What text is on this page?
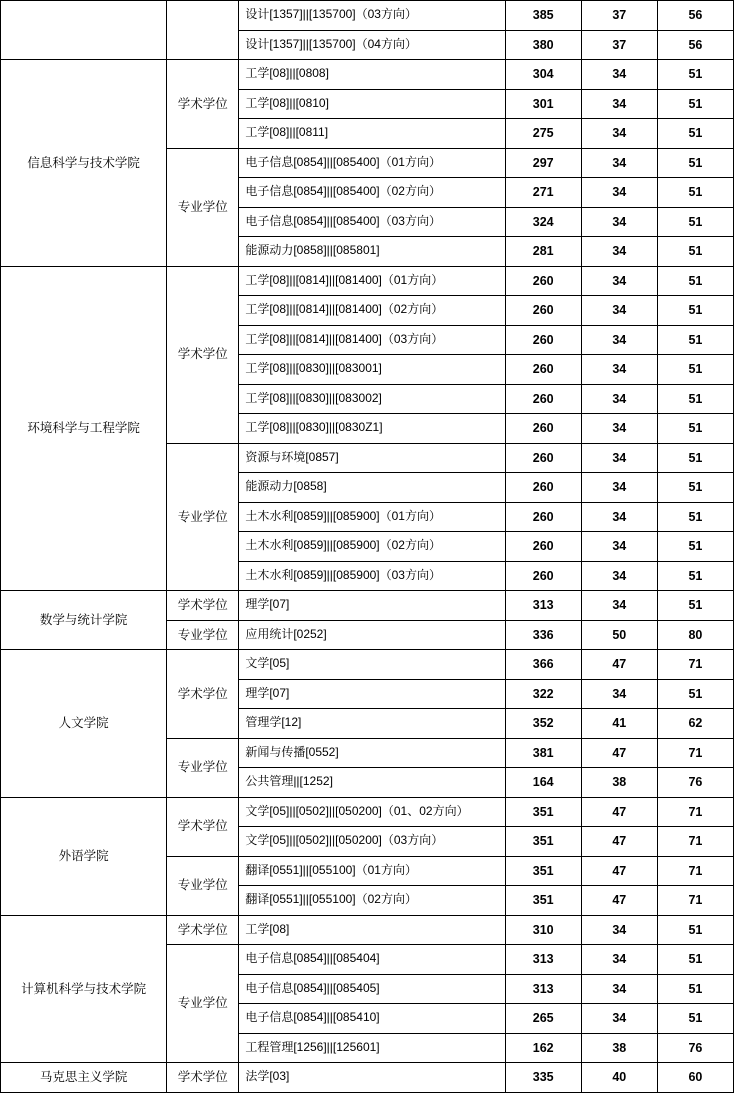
		设计[1357]||[135700]（03方向）	385	37	56
		设计[1357]||[135700]（04方向）	380	37	56
信息科学与技术学院	学术学位	工学[08]||[0808]	304	34	51
		工学[08]||[0810]	301	34	51
		工学[08]||[0811]	275	34	51
	专业学位	电子信息[0854]||[085400]（01方向）	297	34	51
		电子信息[0854]||[085400]（02方向）	271	34	51
		电子信息[0854]||[085400]（03方向）	324	34	51
		能源动力[0858]||[085801]	281	34	51
环境科学与工程学院	学术学位	工学[08]||[0814]||[081400]（01方向）	260	34	51
		工学[08]||[0814]||[081400]（02方向）	260	34	51
		工学[08]||[0814]||[081400]（03方向）	260	34	51
		工学[08]||[0830]||[083001]	260	34	51
		工学[08]||[0830]||[083002]	260	34	51
		工学[08]||[0830]||[0830Z1]	260	34	51
	专业学位	资源与环境[0857]	260	34	51
		能源动力[0858]	260	34	51
		土木水利[0859]||[085900]（01方向）	260	34	51
		土木水利[0859]||[085900]（02方向）	260	34	51
		土木水利[0859]||[085900]（03方向）	260	34	51
数学与统计学院	学术学位	理学[07]	313	34	51
	专业学位	应用统计[0252]	336	50	80
人文学院	学术学位	文学[05]	366	47	71
		理学[07]	322	34	51
		管理学[12]	352	41	62
	专业学位	新闻与传播[0552]	381	47	71
		公共管理||[1252]	164	38	76
外语学院	学术学位	文学[05]||[0502]||[050200]（01、02方向）	351	47	71
		文学[05]||[0502]||[050200]（03方向）	351	47	71
	专业学位	翻译[0551]||[055100]（01方向）	351	47	71
		翻译[0551]||[055100]（02方向）	351	47	71
计算机科学与技术学院	学术学位	工学[08]	310	34	51
	专业学位	电子信息[0854]||[085404]	313	34	51
		电子信息[0854]||[085405]	313	34	51
		电子信息[0854]||[085410]	265	34	51
		工程管理[1256]||[125601]	162	38	76
马克思主义学院	学术学位	法学[03]	335	40	60
